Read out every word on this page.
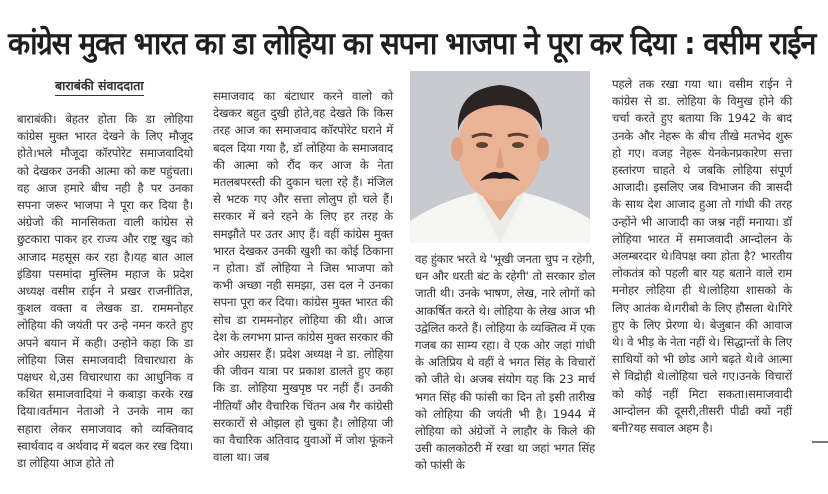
कांग्रेस मुक्त भारत का डा लोहिया का सपना भाजपा ने पूरा कर दिया : वसीम राईन
बाराबंकी संवाददाता

बाराबंकी। बेहतर होता कि डा लोहिया कांग्रेस मुक्त भारत देखने के लिए मौजूद होते।भले मौजूदा कॉरपोरेट समाजवादियो को देखकर उनकी आत्मा को कष्ट पहुंचता। वह आज हमारे बीच नही है पर उनका सपना जरूर भाजपा ने पूरा कर दिया है। अंग्रेजो की मानसिकता वाली कांग्रेस से छुटकारा पाकर हर राज्य और राष्ट्र खुद को आजाद महसूस कर रहा है।यह बात आल इंडिया पसमांदा मुस्लिम महाज के प्रदेश अध्यक्ष वसीम राईन ने प्रखर राजनीतिज्ञ, कुशल वक्ता व लेखक डा. राममनोहर लोहिया की जयंती पर उन्हे नमन करते हुए अपने बयान में कही। उन्होने कहा कि डा लोहिया जिस समाजवादी विचारधारा के पक्षधर थे,उस विचारधारा का आधुनिक व कथित समाजवादियां ने कबाड़ा करके रख दिया।वर्तमान नेताओ ने उनके नाम का सहारा लेकर समाजवाद को व्यक्तिवाद स्वार्थवाद व अर्थवाद में बदल कर रख दिया। डा लोहिया आज होते तो

समाजवाद का बंटाधार करने वालो को देखकर बहुत दुखी होते,वह देखते कि किस तरह आज का समाजवाद कॉरपोरेट घराने में बदल दिया गया है, डॉ लोहिया के समाजवाद की आत्मा को रौंद कर आज के नेता मतलबपरस्ती की दुकान चला रहे हैं। मंजिल से भटक गए और सत्ता लोलुप हो चले हैं। सरकार में बने रहने के लिए हर तरह के समझौते पर उतर आए हैं। वहीं कांग्रेस मुक्त भारत देखकर उनकी खुशी का कोई ठिकाना न होता। डॉ लोहिया ने जिस भाजपा को कभी अच्छा नही समझा, उस दल ने उनका सपना पूरा कर दिया। कांग्रेस मुक्त भारत की सोच डा राममनोहर लोहिया की थी। आज देश के लगभग प्रान्त कांग्रेस मुक्त सरकार की ओर अग्रसर हैं। प्रदेश अध्यक्ष ने डा. लोहिया की जीवन यात्रा पर प्रकाश डालते हुए कहा कि डा. लोहिया मुखपृष्ठ पर नहीं हैं। उनकी नीतियाँ और वैचारिक चिंतन अब गैर कांग्रेसी सरकारों से ओझल हो चुका है। लोहिया जी का वैचारिक अतिवाद युवाओं में जोश फूंकने वाला था। जब

वह हुंकार भरते थे 'भूखी जनता चुप न रहेगी, धन और धरती बंट के रहेगी' तो सरकार डोल जाती थी। उनके भाषण, लेख, नारे लोगों को आकर्षित करते थे। लोहिया के लेख आज भी उद्वेलित करते हैं। लोहिया के व्यक्तित्व में एक गजब का साम्य रहा। वे एक ओर जहां गांधी के अतिप्रिय थे वहीं वे भगत सिंह के विचारों को जीते थे। अजब संयोग यह कि 23 मार्च भगत सिंह की फांसी का दिन तो इसी तारीख को लोहिया की जयंती भी है। 1944 में लोहिया को अंग्रेजों ने लाहौर के किले की उसी कालकोठरी में रखा था जहां भगत सिंह को फांसी के

पहले तक रखा गया था। वसीम राईन ने कांग्रेस से डा. लोहिया के विमुख होने की चर्चा करते हुए बताया कि 1942 के बाद उनके और नेहरू के बीच तीखे मतभेद शुरू हो गए। वजह नेहरू येनकेनप्रकारेण सत्ता हस्तांरण चाहते थे जबकि लोहिया संपूर्ण आजादी। इसलिए जब विभाजन की त्रासदी के साथ देश आजाद हुआ तो गांधी की तरह उन्होंने भी आजादी का जश्न नहीं मनाया। डॉ लोहिया भारत में समाजवादी आन्दोलन के अलम्बरदार थे।विपक्ष क्या होता है? भारतीय लोकतंत्र को पहली बार यह बताने वाले राम मनोहर लोहिया ही थे।लोहिया शासको के लिए आतंक थे।गरीबो के लिए हौसला थे।गिरे हुए के लिए प्रेरणा थे। बेजुबान की आवाज थे। वे भीड़ के नेता नहीं थे। सिद्धान्तों के लिए साथियों को भी छोड आगे बढ़ते थे।वे आत्मा से विद्रोही थे।लोहिया चले गए।उनके विचारों को कोई नहीं मिटा सकता।समाजवादी आन्दोलन की दूसरी,तीसरी पीढी क्यों नहीं बनी?यह सवाल अहम है।
